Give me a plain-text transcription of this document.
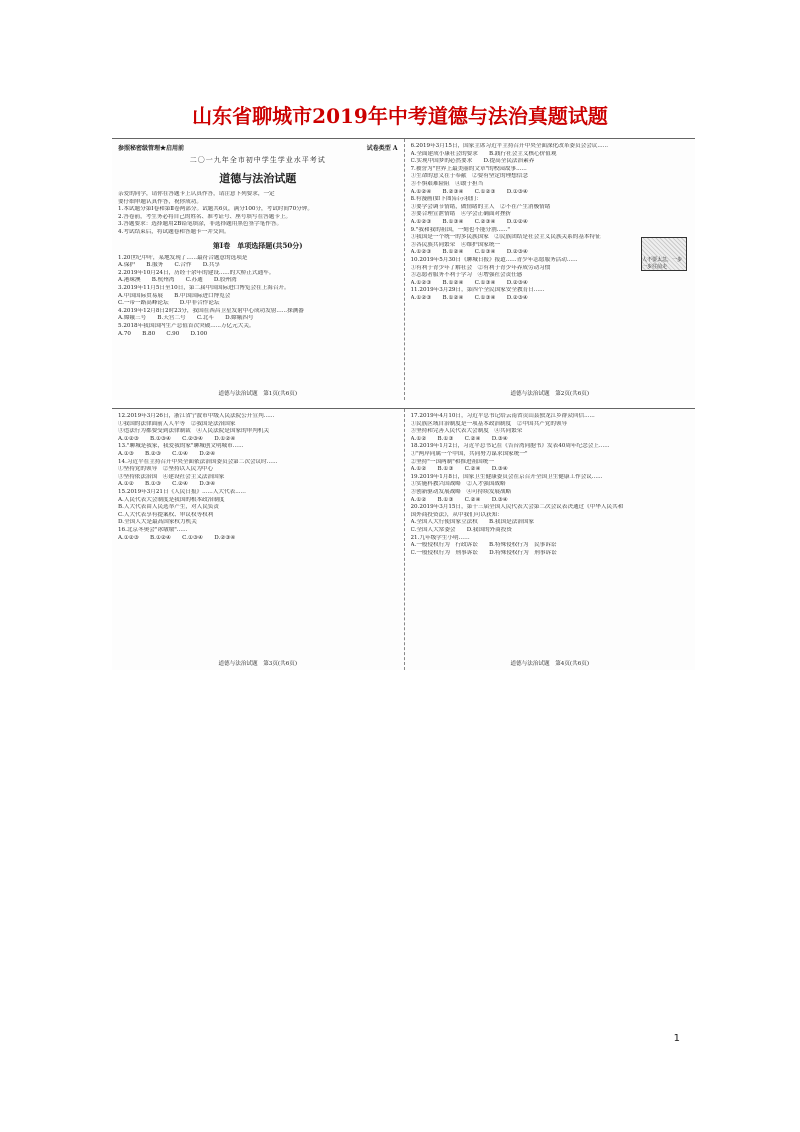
山东省聊城市2019年中考道德与法治真题试题
参照秘密级管理★启用前	试卷类型 A
二〇一九年全市初中学生学业水平考试
道德与法治试题
亲爱的同学，请你在答题卡上认真作答，请注意下列要求，一定
要仔细审题认真作答，祝你成功。
1.本试题分第Ⅰ卷和第Ⅱ卷两部分。试题共6页，满分100分，考试时间70分钟。
2.答卷前，考生务必将自己的姓名、准考证号、座号填写在答题卡上。
3.答题要求：选择题用2B铅笔填涂，非选择题用黑色签字笔作答。
4.考试结束后，将试题卷和答题卡一并交回。
第Ⅰ卷　单项选择题(共50分)
1.20世纪中叶，某地发现了......最符合题意的选项是
A.保护　　B.服务　　C.合作　　D.共享
2.2019年10月24日，历经十余年的建设......的大桥正式通车。
A.港珠澳　　B.杭州湾　　C.苏通　　D.胶州湾
3.2019年11月5日至10日，第二届中国国际进口博览会在上海召开。
A.中国国际贸易展　　B.中国国际进口博览会
C.一带一路高峰论坛　　D.中非合作论坛
4.2019年12月8日2时23分，我国在西昌卫星发射中心成功发射......探测器
A.嫦娥三号　　B.天宫二号　　C.北斗　　D.嫦娥四号
5.2018年我国国内生产总值首次突破......万亿元大关。
A.70　　B.80　　C.90　　D.100
道德与法治试题　第1页(共6页)
6.2019年3月15日，国家主席习近平主持召开中央全面深化改革委员会会议......
A.全面建成小康社会的要求　　B.践行社会主义核心价值观
C.实现中国梦的必然要求　　D.提高全民法治素养
7.被誉为"世界上最美丽的文章"的校园故事......
①生命的意义在于奉献　②要有坚定的理想信念
③不惧艰难险阻　④敢于担当
A.①②④　　B.②③④　　C.①②③　　D.①③④
8.有漫画(如下图)启示我们：
①要学会调节情绪，做情绪的主人　②不在产生消极情绪
③要合理宣泄情绪　④学会正确面对挫折
A.①②③　　B.①③④　　C.②③④　　D.①②④
9."我和我的祖国，一刻也不能分割......"
①我国是一个统一的多民族国家　②民族团结是社会主义民族关系的基本特征
③各民族共同繁荣　④维护国家统一
A.①②③　　B.①②④　　C.①③④　　D.②③④
10.2019年5月30日《聊城日报》报道......青少年志愿服务活动......
①有利于青少年了解社会　②有利于青少年养成劳动习惯
③志愿者服务不利于学习　④增强社会责任感
A.①②③　　B.①②④　　C.①③④　　D.②③④
11.2019年3月29日，第四个全民国家安全教育日......
A.①②③　　B.①②④　　C.①③④　　D.②③④
人不要太急，一步一步往前走
道德与法治试题　第2页(共6页)
12.2019年3月26日，浙江省宁波市中级人民法院公开宣判......
①我国的法律面前人人平等　②我国是法治国家
③违法行为都要受到法律制裁　④人民法院是国家的审判机关
A.①②③　　B.①③④　　C.②③④　　D.①②④
13."聊城是我家，我爱我的家"聊城创文明城市......
A.①③　　B.②③　　C.①④　　D.②④
14.习近平在主持召开中央全面依法治国委员会第二次会议时......
①坚持党的领导　②坚持以人民为中心
③坚持依法治国　④建设社会主义法治国家
A.①②　　B.①③　　C.②④　　D.③④
15.2019年3月21日《人民日报》......人大代表......
A.人民代表大会制度是我国的根本政治制度
B.人大代表由人民选举产生，对人民负责
C.人大代表享有提案权、审议权等权利
D.全国人大是最高国家权力机关
16.北京冬奥会"冰墩墩"......
A.①②③　　B.①②④　　C.①③④　　D.②③④
道德与法治试题　第3页(共6页)
17.2019年4月10日，习近平总书记给云南省贡山县独龙江乡群众回信......
①民族区域自治制度是一项基本政治制度　②中国共产党的领导
③坚持和完善人民代表大会制度　④共同繁荣
A.①②　　B.①③　　C.②④　　D.③④
18.2019年1月2日，习近平总书记在《告台湾同胞书》发表40周年纪念会上......
①"两岸同属一个中国，共同努力谋求国家统一"
②坚持"一国两制"和推进祖国统一
A.①②　　B.①③　　C.②④　　D.③④
19.2019年1月8日，国家卫生健康委员会在京召开全国卫生健康工作会议......
①实施科教兴国战略　②人才强国战略
③创新驱动发展战略　④可持续发展战略
A.①②　　B.①③　　C.②④　　D.③④
20.2019年3月15日，第十三届全国人民代表大会第二次会议表决通过《中华人民共和
国外商投资法》，从中我们可以获知：
A.全国人大行使国家立法权　　B.我国是法治国家
C.全国人大常委会　　D.我国的外商投资
21.九年级学生小明……
A.一般侵权行为　行政诉讼　　B.特殊侵权行为　民事诉讼
C.一般侵权行为　刑事诉讼　　D.特殊侵权行为　刑事诉讼
道德与法治试题　第4页(共6页)
1
